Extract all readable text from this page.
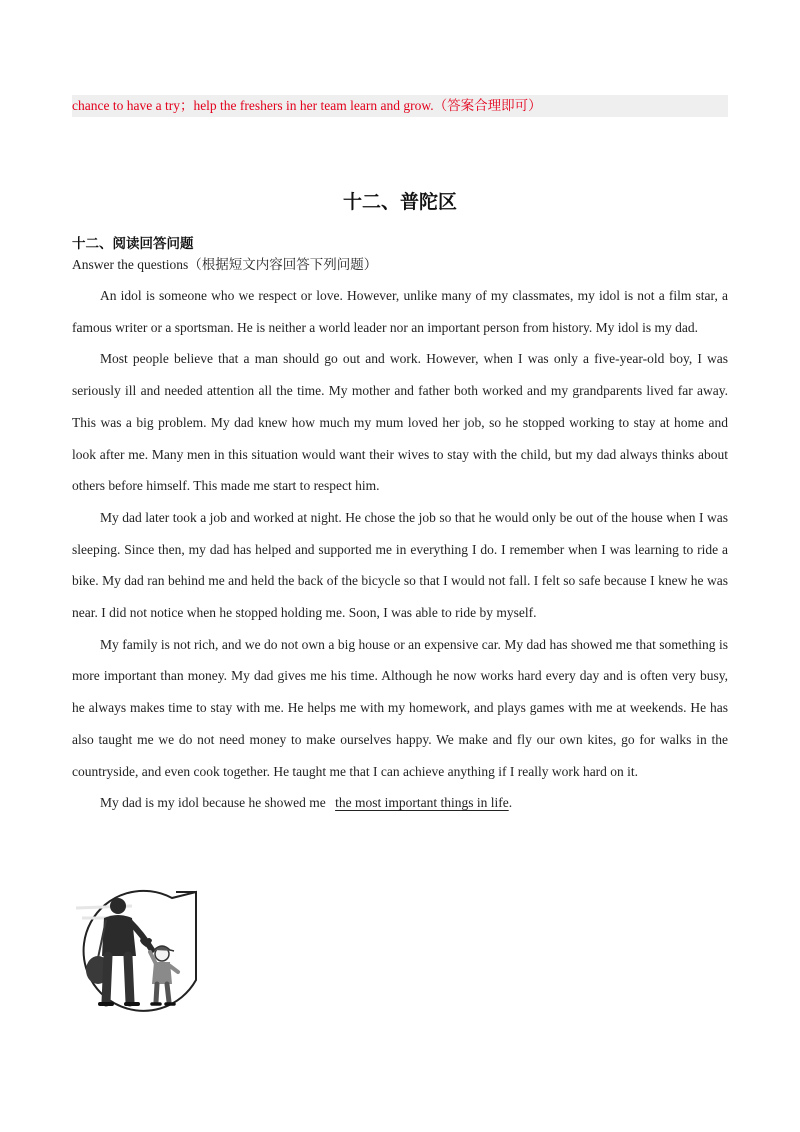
chance to have a try；help the freshers in her team learn and grow.（答案合理即可）
十二、普陀区
十二、阅读回答问题
Answer the questions（根据短文内容回答下列问题）

An idol is someone who we respect or love. However, unlike many of my classmates, my idol is not a film star, a famous writer or a sportsman. He is neither a world leader nor an important person from history. My idol is my dad.

Most people believe that a man should go out and work. However, when I was only a five-year-old boy, I was seriously ill and needed attention all the time. My mother and father both worked and my grandparents lived far away. This was a big problem. My dad knew how much my mum loved her job, so he stopped working to stay at home and look after me. Many men in this situation would want their wives to stay with the child, but my dad always thinks about others before himself. This made me start to respect him.

My dad later took a job and worked at night. He chose the job so that he would only be out of the house when I was sleeping. Since then, my dad has helped and supported me in everything I do. I remember when I was learning to ride a bike. My dad ran behind me and held the back of the bicycle so that I would not fall. I felt so safe because I knew he was near. I did not notice when he stopped holding me. Soon, I was able to ride by myself.

My family is not rich, and we do not own a big house or an expensive car. My dad has showed me that something is more important than money. My dad gives me his time. Although he now works hard every day and is often very busy, he always makes time to stay with me. He helps me with my homework, and plays games with me at weekends. He has also taught me we do not need money to make ourselves happy. We make and fly our own kites, go for walks in the countryside, and even cook together. He taught me that I can achieve anything if I really work hard on it.

My dad is my idol because he showed me the most important things in life.
